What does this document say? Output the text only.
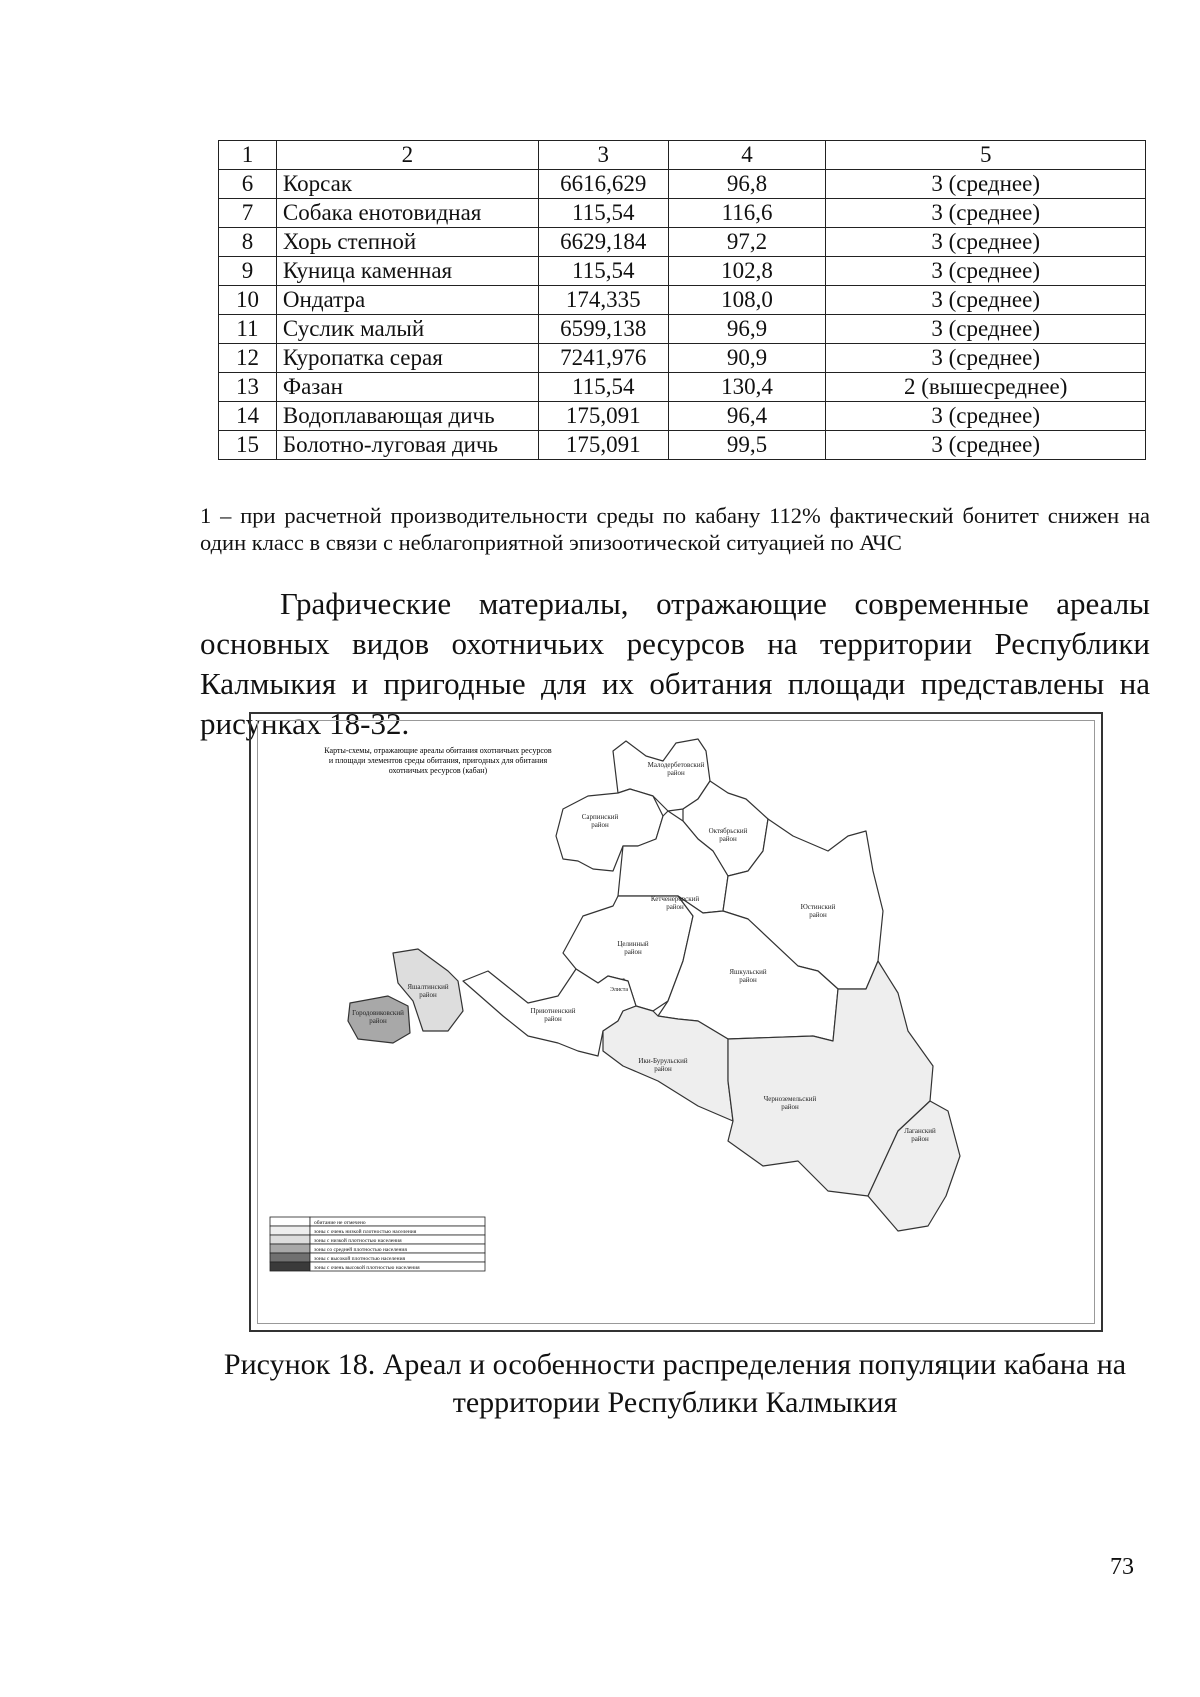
1	2	3	4	5
6	Корсак	6616,629	96,8	3 (среднее)
7	Собака енотовидная	115,54	116,6	3 (среднее)
8	Хорь степной	6629,184	97,2	3 (среднее)
9	Куница каменная	115,54	102,8	3 (среднее)
10	Ондатра	174,335	108,0	3 (среднее)
11	Суслик малый	6599,138	96,9	3 (среднее)
12	Куропатка серая	7241,976	90,9	3 (среднее)
13	Фазан	115,54	130,4	2 (вышесреднее)
14	Водоплавающая дичь	175,091	96,4	3 (среднее)
15	Болотно-луговая дичь	175,091	99,5	3 (среднее)
1 – при расчетной производительности среды по кабану 112% фактический бонитет снижен на один класс в связи с неблагоприятной эпизоотической ситуацией по АЧС
Графические материалы, отражающие современные ареалы основных видов охотничьих ресурсов на территории Республики Калмыкия и пригодные для их обитания площади представлены на рисунках 18-32.
Карты-схемы, отражающие ареалы обитания охотничьих ресурсов
и площади элементов среды обитания, пригодных для обитания
охотничьих ресурсов (кабан)
Малодербетовский
район
Сарпинский
район
Октябрьский
район
Кетченеровский
район	Юстинский
район
Целинный
район
Яшкульский
район
Элиста
Яшалтинский
район
Городовиковский
район
Приютненский
район
Ики-Бурульский
район
Черноземельский
район
Лаганский
район
обитание не отмечено
зоны с очень низкой плотностью населения
зоны с низкой плотностью населения
зоны со средней плотностью населения
зоны с высокой плотностью населения
зоны с очень высокой плотностью населения
Рисунок 18. Ареал и особенности распределения популяции кабана на
территории Республики Калмыкия
73
